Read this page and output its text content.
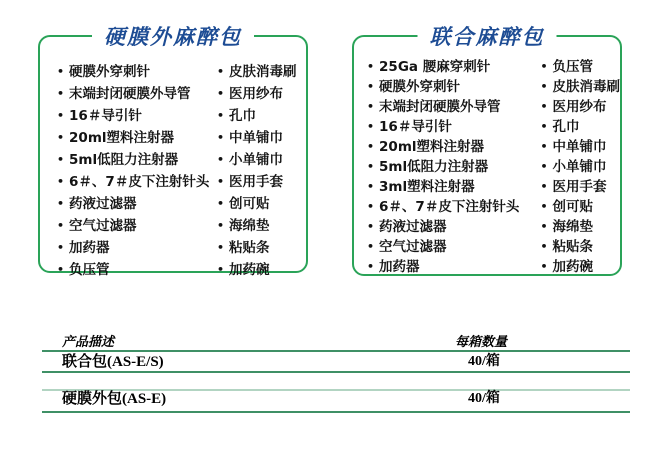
硬膜外麻醉包
• 硬膜外穿刺针
• 末端封闭硬膜外导管
• 16＃导引针
• 20ml塑料注射器
• 5ml低阻力注射器
• 6＃、7＃皮下注射针头
• 药液过滤器
• 空气过滤器
• 加药器
• 负压管
• 皮肤消毒刷
• 医用纱布
• 孔巾
• 中单铺巾
• 小单铺巾
• 医用手套
• 创可贴
• 海绵垫
• 粘贴条
• 加药碗
联合麻醉包
• 25Ga 腰麻穿刺针
• 硬膜外穿刺针
• 末端封闭硬膜外导管
• 16＃导引针
• 20ml塑料注射器
• 5ml低阻力注射器
• 3ml塑料注射器
• 6＃、7＃皮下注射针头
• 药液过滤器
• 空气过滤器
• 加药器
• 负压管
• 皮肤消毒刷
• 医用纱布
• 孔巾
• 中单铺巾
• 小单铺巾
• 医用手套
• 创可贴
• 海绵垫
• 粘贴条
• 加药碗
产品描述	每箱数量
联合包(AS-E/S)	40/箱
硬膜外包(AS-E)	40/箱
